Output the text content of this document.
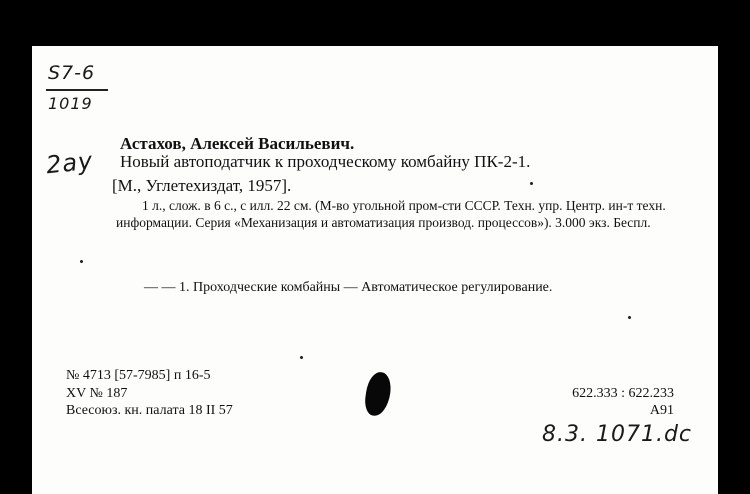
S7-6
1019
2ау
Астахов, Алексей Васильевич.
Новый автоподатчик к проходческому комбайну ПК-2-1.
[М., Углетехиздат, 1957].
1 л., слож. в 6 с., с илл. 22 см. (М-во угольной пром-сти СССР. Техн. упр. Центр. ин-т техн. информации. Серия «Механизация и автоматизация производ. процессов»). 3.000 экз. Беспл.
— — 1. Проходческие комбайны — Автоматическое регулирование.
№ 4713 [57-7985] п 16-5
XV № 187
Всесоюз. кн. палата 18 II 57
622.333 : 622.233
А91
8.3. 1071.dc
